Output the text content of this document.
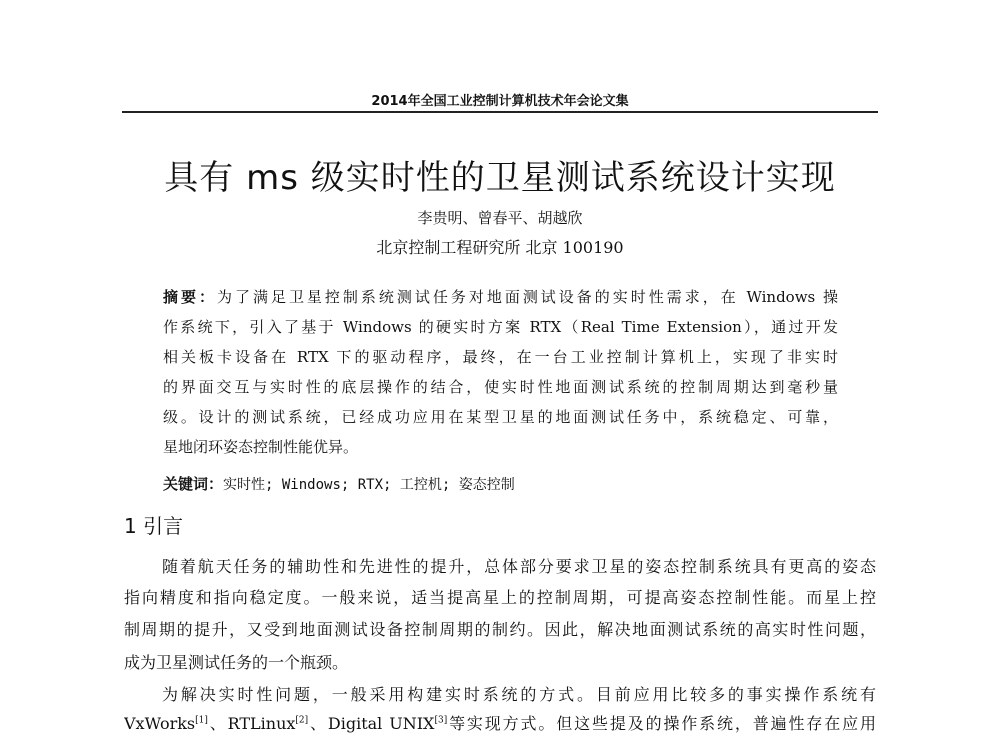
2014年全国工业控制计算机技术年会论文集
具有 ms 级实时性的卫星测试系统设计实现
李贵明、曾春平、胡越欣
北京控制工程研究所 北京 100190
摘要：为了满足卫星控制系统测试任务对地面测试设备的实时性需求，在 Windows 操
作系统下，引入了基于 Windows 的硬实时方案 RTX（Real Time Extension），通过开发
相关板卡设备在 RTX 下的驱动程序，最终，在一台工业控制计算机上，实现了非实时
的界面交互与实时性的底层操作的结合，使实时性地面测试系统的控制周期达到毫秒量
级。设计的测试系统，已经成功应用在某型卫星的地面测试任务中，系统稳定、可靠，
星地闭环姿态控制性能优异。
关键词：实时性; Windows; RTX; 工控机; 姿态控制
1 引言
随着航天任务的辅助性和先进性的提升，总体部分要求卫星的姿态控制系统具有更高的姿态
指向精度和指向稳定度。一般来说，适当提高星上的控制周期，可提高姿态控制性能。而星上控
制周期的提升，又受到地面测试设备控制周期的制约。因此，解决地面测试系统的高实时性问题，
成为卫星测试任务的一个瓶颈。
为解决实时性问题，一般采用构建实时系统的方式。目前应用比较多的事实操作系统有
VxWorks[1]、RTLinux[2]、Digital UNIX[3]等实现方式。但这些提及的操作系统，普遍性存在应用
